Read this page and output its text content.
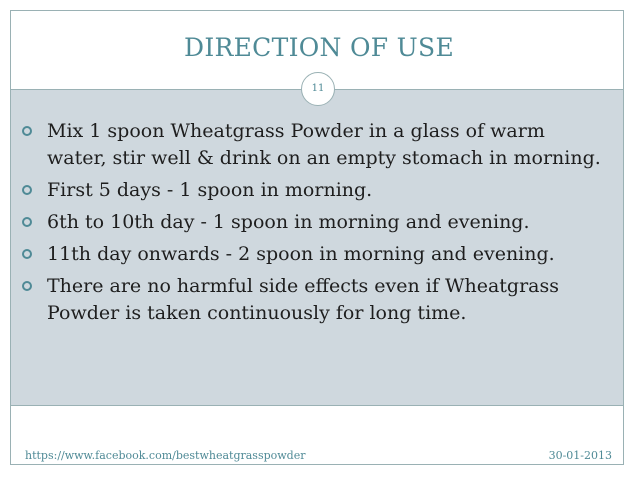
DIRECTION OF USE
11
Mix 1 spoon Wheatgrass Powder in a glass of warm water, stir well & drink on an empty stomach in morning.
First 5 days - 1 spoon in morning.
6th to 10th day - 1 spoon in morning and evening.
11th day onwards - 2 spoon in morning and evening.
There are no harmful side effects even if Wheatgrass Powder is taken continuously for long time.
https://www.facebook.com/bestwheatgrasspowder	30-01-2013
